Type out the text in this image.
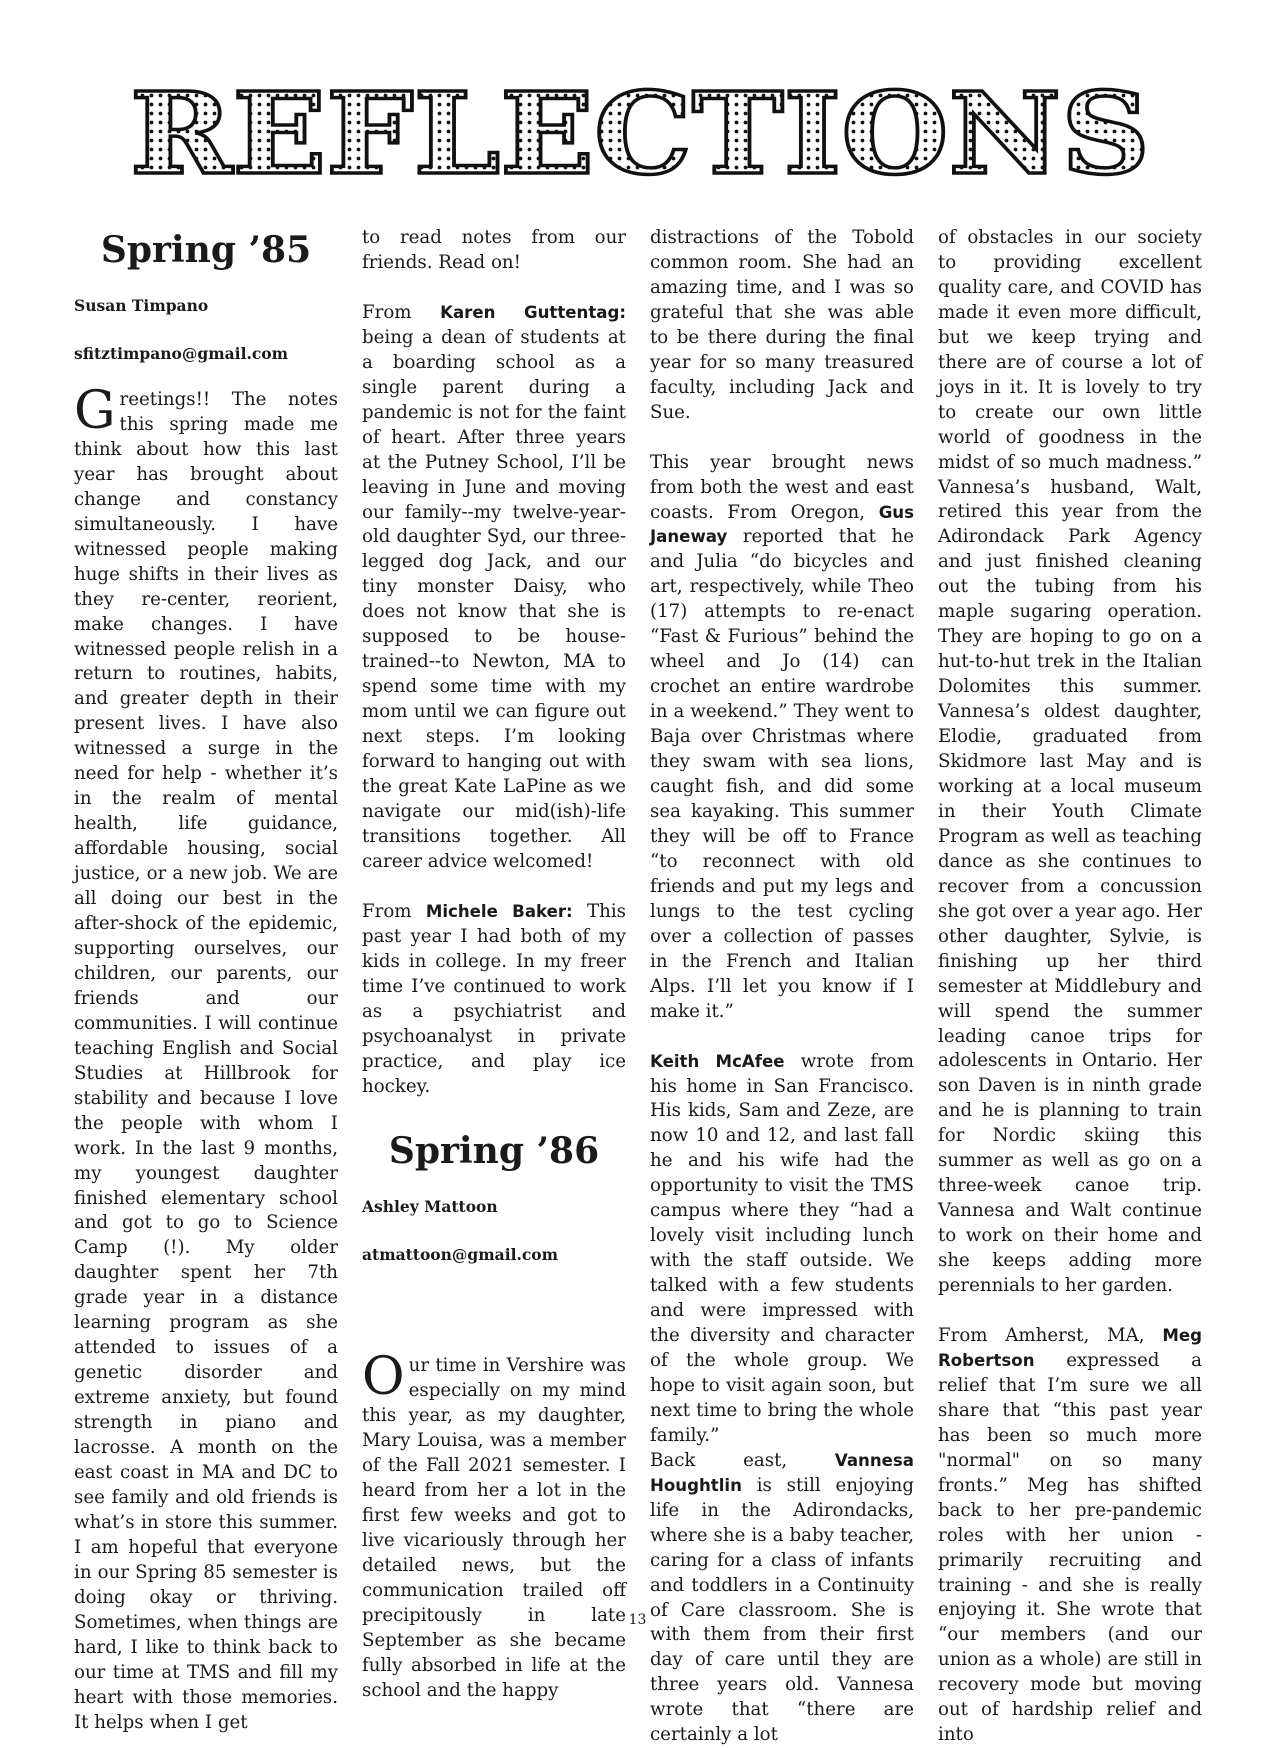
REFLECTIONS
Spring ’85

Susan Timpano

sfitztimpano@gmail.com

Greetings!! The notes this spring made me think about how this last year has brought about change and constancy simultaneously. I have witnessed people making huge shifts in their lives as they re-center, reorient, make changes. I have witnessed people relish in a return to routines, habits, and greater depth in their present lives. I have also witnessed a surge in the need for help - whether it’s in the realm of mental health, life guidance, affordable housing, social justice, or a new job. We are all doing our best in the after-shock of the epidemic, supporting ourselves, our children, our parents, our friends and our communities. I will continue teaching English and Social Studies at Hillbrook for stability and because I love the people with whom I work. In the last 9 months, my youngest daughter finished elementary school and got to go to Science Camp (!). My older daughter spent her 7th grade year in a distance learning program as she attended to issues of a genetic disorder and extreme anxiety, but found strength in piano and lacrosse. A month on the east coast in MA and DC to see family and old friends is what’s in store this summer. I am hopeful that everyone in our Spring 85 semester is doing okay or thriving. Sometimes, when things are hard, I like to think back to our time at TMS and fill my heart with those memories. It helps when I get

to read notes from our friends. Read on!

From Karen Guttentag: being a dean of students at a boarding school as a single parent during a pandemic is not for the faint of heart. After three years at the Putney School, I’ll be leaving in June and moving our family--my twelve-year-old daughter Syd, our three-legged dog Jack, and our tiny monster Daisy, who does not know that she is supposed to be house-trained--to Newton, MA to spend some time with my mom until we can figure out next steps. I’m looking forward to hanging out with the great Kate LaPine as we navigate our mid(ish)-life transitions together. All career advice welcomed!

From Michele Baker: This past year I had both of my kids in college. In my freer time I’ve continued to work as a psychiatrist and psychoanalyst in private practice, and play ice hockey.

Spring ’86

Ashley Mattoon

atmattoon@gmail.com

Our time in Vershire was especially on my mind this year, as my daughter, Mary Louisa, was a member of the Fall 2021 semester. I heard from her a lot in the first few weeks and got to live vicariously through her detailed news, but the communication trailed off precipitously in late September as she became fully absorbed in life at the school and the happy

distractions of the Tobold common room. She had an amazing time, and I was so grateful that she was able to be there during the final year for so many treasured faculty, including Jack and Sue.

This year brought news from both the west and east coasts. From Oregon, Gus Janeway reported that he and Julia “do bicycles and art, respectively, while Theo (17) attempts to re-enact “Fast & Furious” behind the wheel and Jo (14) can crochet an entire wardrobe in a weekend.” They went to Baja over Christmas where they swam with sea lions, caught fish, and did some sea kayaking. This summer they will be off to France “to reconnect with old friends and put my legs and lungs to the test cycling over a collection of passes in the French and Italian Alps. I’ll let you know if I make it.”

Keith McAfee wrote from his home in San Francisco. His kids, Sam and Zeze, are now 10 and 12, and last fall he and his wife had the opportunity to visit the TMS campus where they “had a lovely visit including lunch with the staff outside. We talked with a few students and were impressed with the diversity and character of the whole group. We hope to visit again soon, but next time to bring the whole family.”

Back east, Vannesa Houghtlin is still enjoying life in the Adirondacks, where she is a baby teacher, caring for a class of infants and toddlers in a Continuity of Care classroom. She is with them from their first day of care until they are three years old. Vannesa wrote that “there are certainly a lot

of obstacles in our society to providing excellent quality care, and COVID has made it even more difficult, but we keep trying and there are of course a lot of joys in it. It is lovely to try to create our own little world of goodness in the midst of so much madness.” Vannesa’s husband, Walt, retired this year from the Adirondack Park Agency and just finished cleaning out the tubing from his maple sugaring operation. They are hoping to go on a hut-to-hut trek in the Italian Dolomites this summer. Vannesa’s oldest daughter, Elodie, graduated from Skidmore last May and is working at a local museum in their Youth Climate Program as well as teaching dance as she continues to recover from a concussion she got over a year ago. Her other daughter, Sylvie, is finishing up her third semester at Middlebury and will spend the summer leading canoe trips for adolescents in Ontario. Her son Daven is in ninth grade and he is planning to train for Nordic skiing this summer as well as go on a three-week canoe trip. Vannesa and Walt continue to work on their home and she keeps adding more perennials to her garden.

From Amherst, MA, Meg Robertson expressed a relief that I’m sure we all share that “this past year has been so much more "normal" on so many fronts.” Meg has shifted back to her pre-pandemic roles with her union - primarily recruiting and training - and she is really enjoying it. She wrote that “our members (and our union as a whole) are still in recovery mode but moving out of hardship relief and into

13
